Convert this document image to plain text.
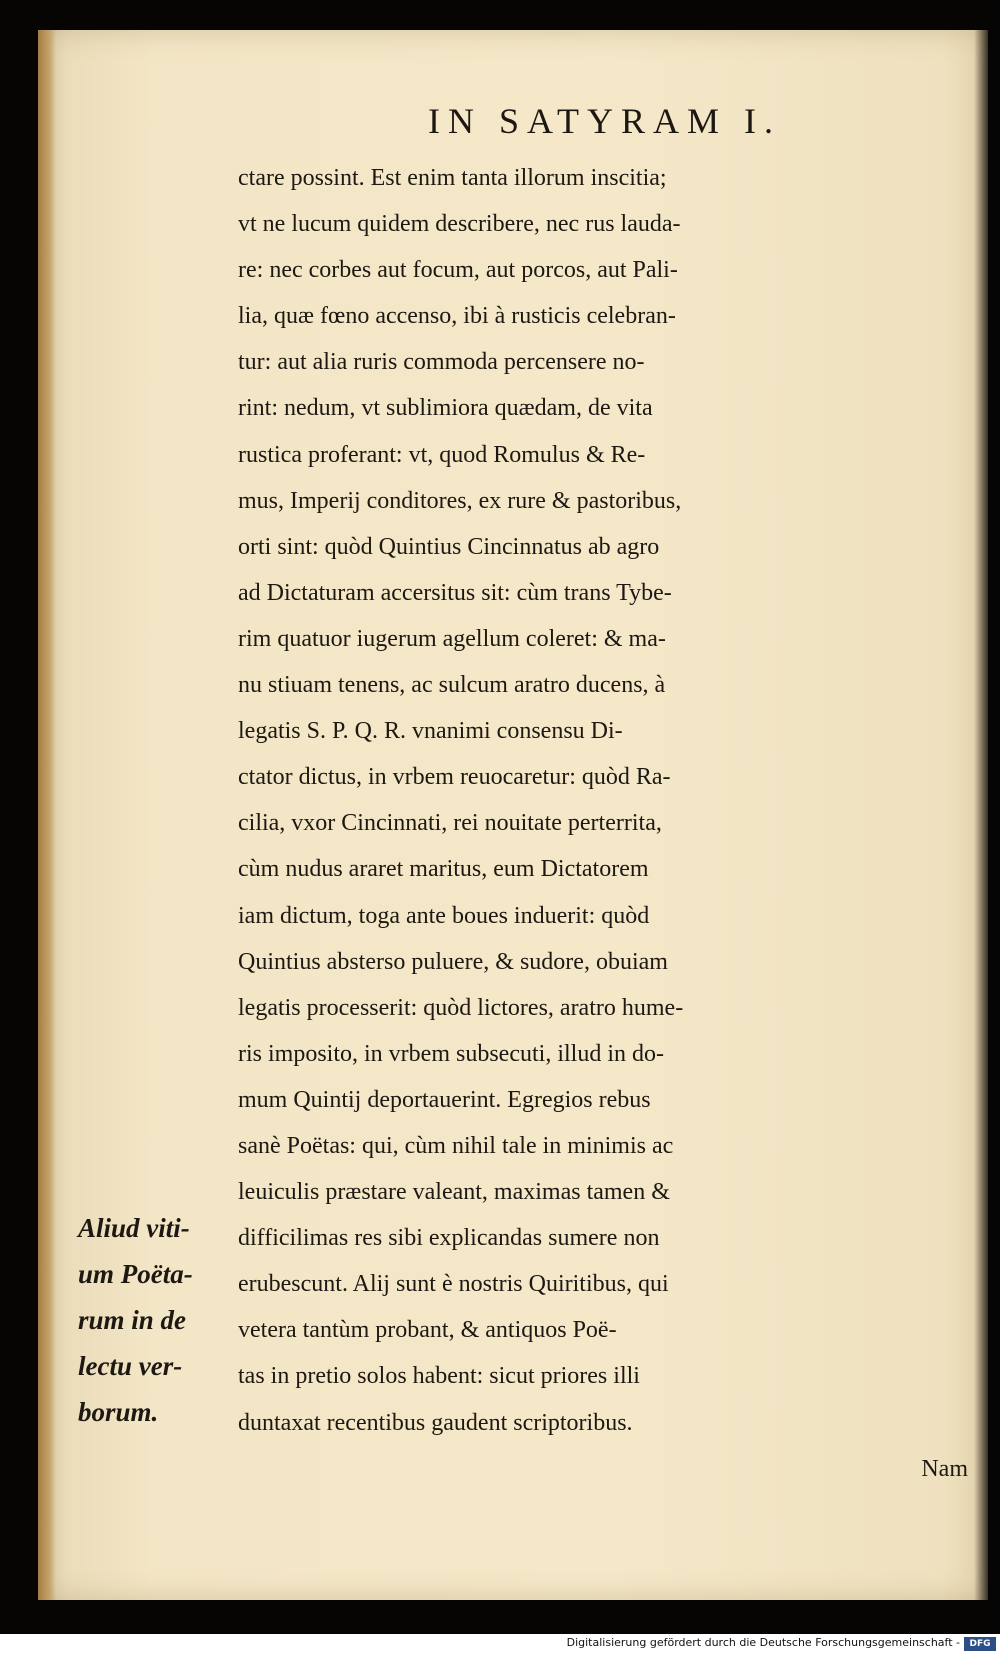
IN SATYRAM I.
ctare possint. Est enim tanta illorum inscitia;
vt ne lucum quidem describere, nec rus lauda-
re: nec corbes aut focum, aut porcos, aut Pali-
lia, quæ fœno accenso, ibi à rusticis celebran-
tur: aut alia ruris commoda percensere no-
rint: nedum, vt sublimiora quædam, de vita
rustica proferant: vt, quod Romulus & Re-
mus, Imperij conditores, ex rure & pastoribus,
orti sint: quòd Quintius Cincinnatus ab agro
ad Dictaturam accersitus sit: cùm trans Tybe-
rim quatuor iugerum agellum coleret: & ma-
nu stiuam tenens, ac sulcum aratro ducens, à
legatis S. P. Q. R. vnanimi consensu Di-
ctator dictus, in vrbem reuocaretur: quòd Ra-
cilia, vxor Cincinnati, rei nouitate perterrita,
cùm nudus araret maritus, eum Dictatorem
iam dictum, toga ante boues induerit: quòd
Quintius absterso puluere, & sudore, obuiam
legatis processerit: quòd lictores, aratro hume-
ris imposito, in vrbem subsecuti, illud in do-
mum Quintij deportauerint. Egregios rebus
sanè Poëtas: qui, cùm nihil tale in minimis ac
leuiculis præstare valeant, maximas tamen &
difficilimas res sibi explicandas sumere non
erubescunt. Alij sunt è nostris Quiritibus, qui
vetera tantùm probant, & antiquos Poë-
tas in pretio solos habent: sicut priores illi
duntaxat recentibus gaudent scriptoribus.
Nam
Aliud viti-
um Poëta-
rum in de
lectu ver-
borum.
Digitalisierung gefördert durch die Deutsche Forschungsgemeinschaft -	DFG
